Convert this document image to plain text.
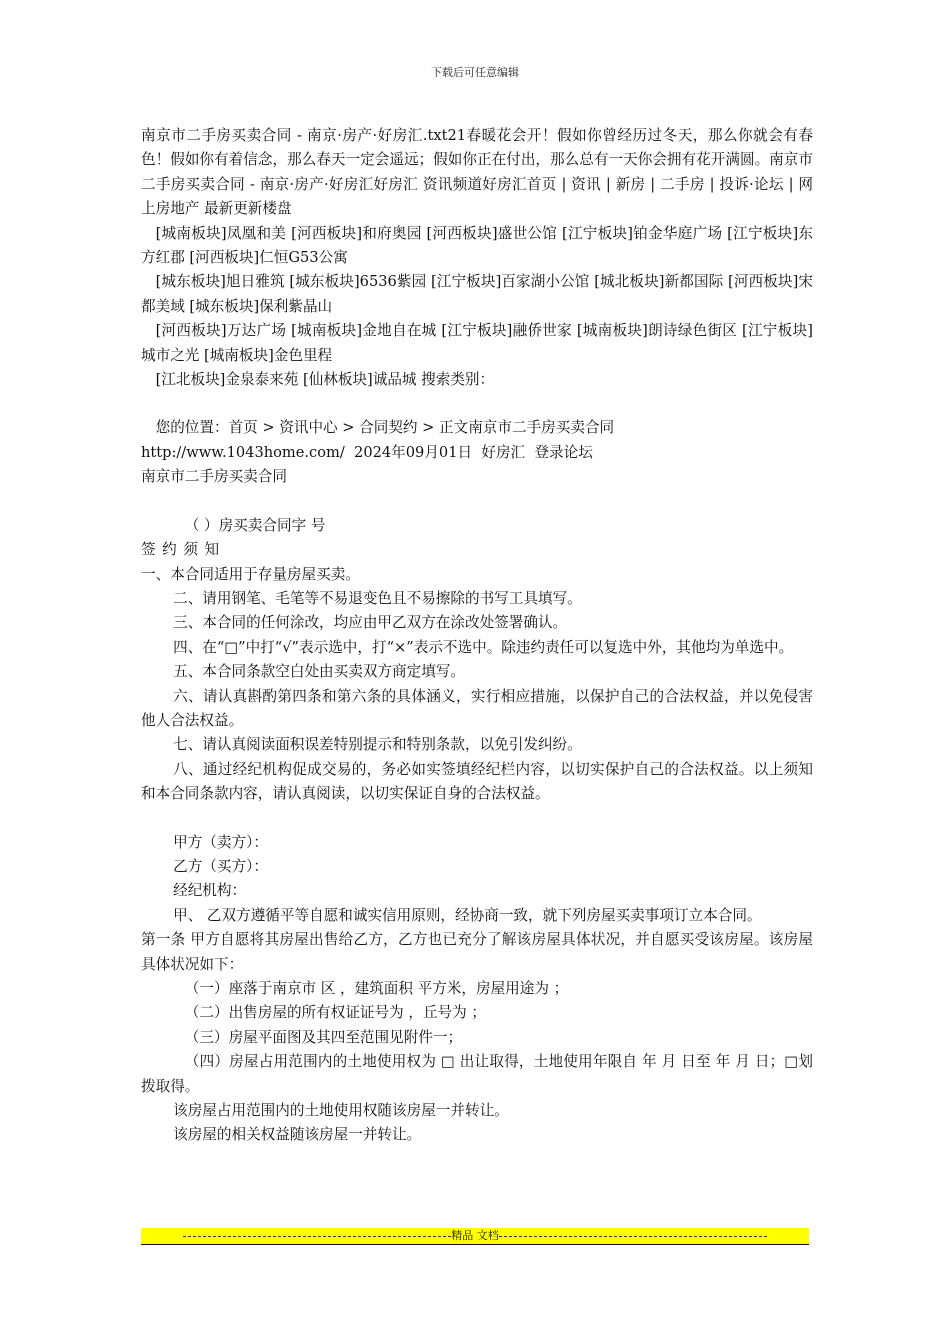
下载后可任意编辑

南京市二手房买卖合同 - 南京·房产·好房汇.txt21春暖花会开！假如你曾经历过冬天，那么你就会有春色！假如你有着信念，那么春天一定会遥远；假如你正在付出，那么总有一天你会拥有花开满圆。南京市二手房买卖合同 - 南京·房产·好房汇好房汇 资讯频道好房汇首页 | 资讯 | 新房 | 二手房 | 投诉·论坛 | 网上房地产 最新更新楼盘

[城南板块]凤凰和美 [河西板块]和府奥园 [河西板块]盛世公馆 [江宁板块]铂金华庭广场 [江宁板块]东方红郡 [河西板块]仁恒G53公寓

[城东板块]旭日雅筑 [城东板块]6536紫园 [江宁板块]百家湖小公馆 [城北板块]新都国际 [河西板块]宋都美域 [城东板块]保利紫晶山

[河西板块]万达广场 [城南板块]金地自在城 [江宁板块]融侨世家 [城南板块]朗诗绿色街区 [江宁板块]城市之光 [城南板块]金色里程

[江北板块]金泉泰来苑 [仙林板块]诚品城 搜索类别：

您的位置：首页 > 资讯中心 > 合同契约 > 正文南京市二手房买卖合同

http://www.1043home.com/  2024年09月01日  好房汇  登录论坛

南京市二手房买卖合同

（ ）房买卖合同字 号

签约须知

一、本合同适用于存量房屋买卖。

二、请用钢笔、毛笔等不易退变色且不易擦除的书写工具填写。

三、本合同的任何涂改，均应由甲乙双方在涂改处签署确认。

四、在“□”中打“√”表示选中，打“×”表示不选中。除违约责任可以复选中外，其他均为单选中。

五、本合同条款空白处由买卖双方商定填写。

六、请认真斟酌第四条和第六条的具体涵义，实行相应措施，以保护自己的合法权益，并以免侵害他人合法权益。

七、请认真阅读面积误差特别提示和特别条款，以免引发纠纷。

八、通过经纪机构促成交易的，务必如实签填经纪栏内容，以切实保护自己的合法权益。以上须知和本合同条款内容，请认真阅读，以切实保证自身的合法权益。

甲方（卖方）：

乙方（买方）：

经纪机构：

甲、 乙双方遵循平等自愿和诚实信用原则，经协商一致，就下列房屋买卖事项订立本合同。

第一条 甲方自愿将其房屋出售给乙方，乙方也已充分了解该房屋具体状况，并自愿买受该房屋。该房屋具体状况如下：

（一）座落于南京市 区 ，建筑面积 平方米，房屋用途为 ；

（二）出售房屋的所有权证证号为 ，丘号为 ；

（三）房屋平面图及其四至范围见附件一；

（四）房屋占用范围内的土地使用权为 □ 出让取得，土地使用年限自 年 月 日至 年 月 日；□划拨取得。

该房屋占用范围内的土地使用权随该房屋一并转让。

该房屋的相关权益随该房屋一并转让。

精品 文档
